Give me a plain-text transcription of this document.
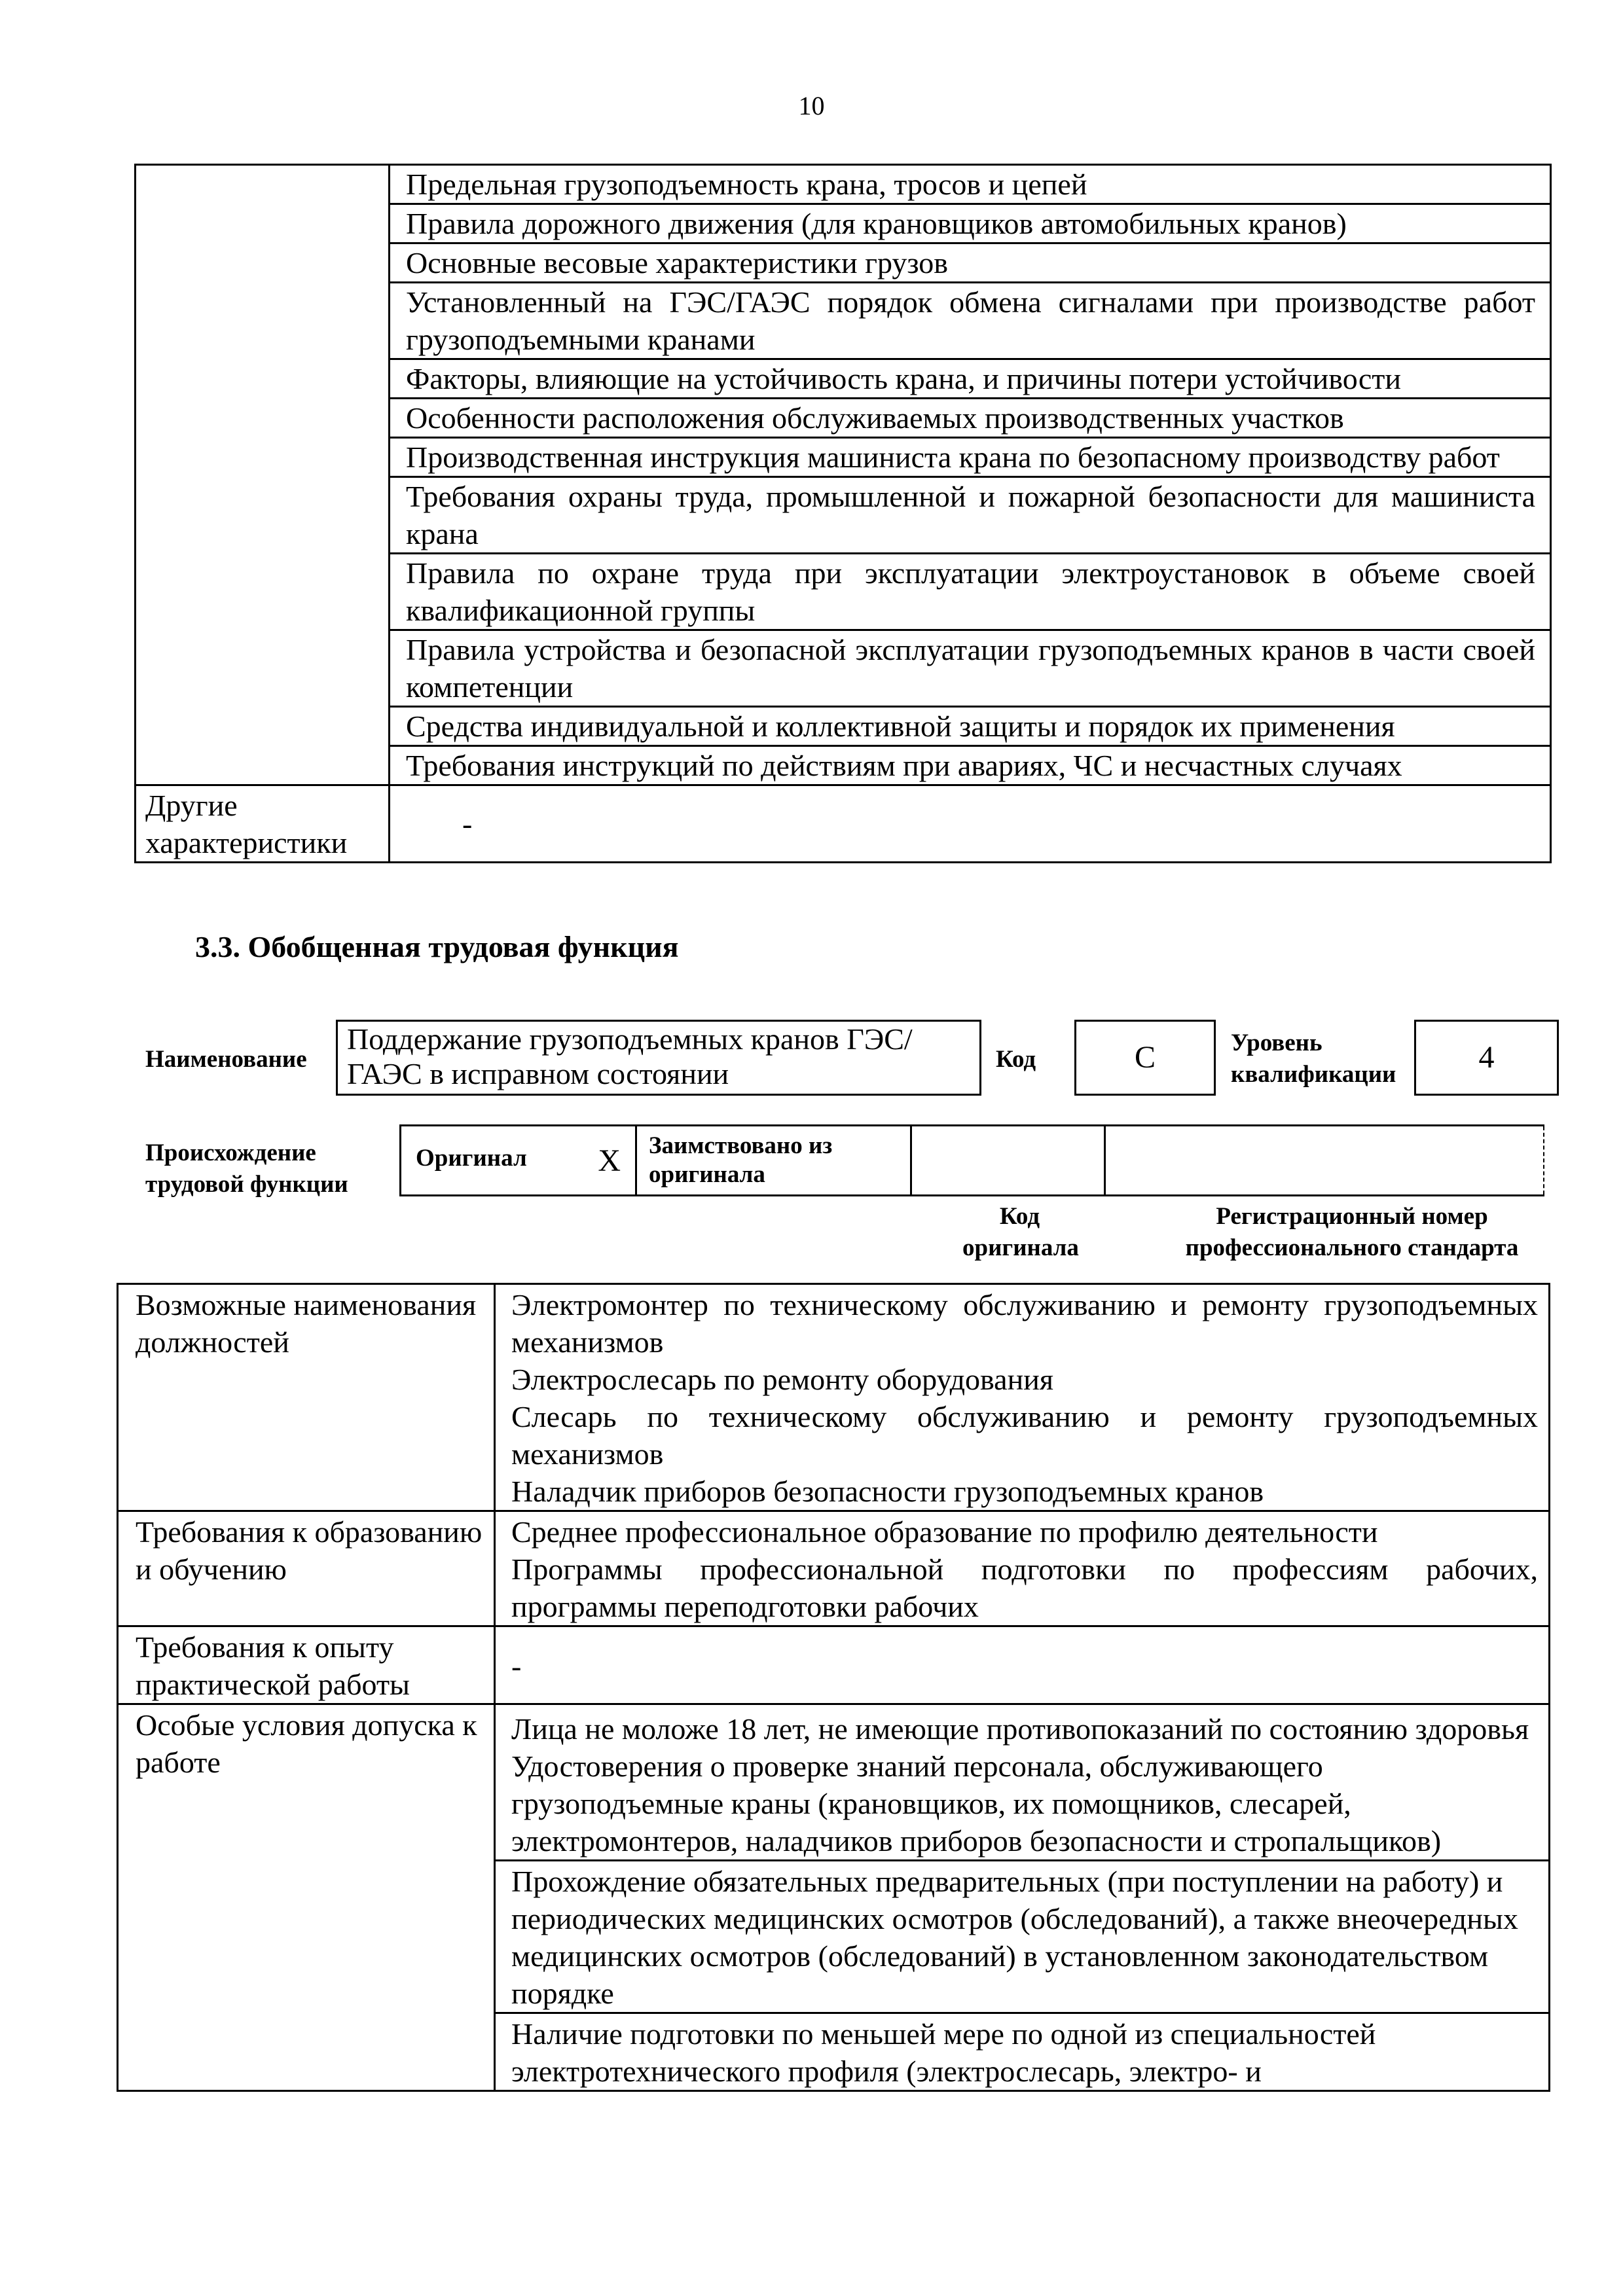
10
	Предельная грузоподъемность крана, тросов и цепей
	Правила дорожного движения (для крановщиков автомобильных кранов)
	Основные весовые характеристики грузов
	Установленный на ГЭС/ГАЭС порядок обмена сигналами при производстве работ грузоподъемными кранами
	Факторы, влияющие на устойчивость крана, и причины потери устойчивости
	Особенности расположения обслуживаемых производственных участков
	Производственная инструкция машиниста крана по безопасному производству работ
	Требования охраны труда, промышленной и пожарной безопасности для машиниста крана
	Правила по охране труда при эксплуатации электроустановок в объеме своей квалификационной группы
	Правила устройства и безопасной эксплуатации грузоподъемных кранов в части своей компетенции
	Средства индивидуальной и коллективной защиты и порядок их применения
	Требования инструкций по действиям при авариях, ЧС и несчастных случаях
Другие характеристики	-
3.3. Обобщенная трудовая функция
Наименование
Поддержание грузоподъемных кранов ГЭС/ГАЭС в исправном состоянии	Код	C	Уровень квалификации	4
Происхождение трудовой функции
Оригинал X	Заимствовано из оригинала

Код оригинала
Регистрационный номер профессионального стандарта
Возможные наименования должностей	Электромонтер по техническому обслуживанию и ремонту грузоподъемных механизмов
Электрослесарь по ремонту оборудования
Слесарь по техническому обслуживанию и ремонту грузоподъемных механизмов
Наладчик приборов безопасности грузоподъемных кранов

Требования к образованию и обучению	Среднее профессиональное образование по профилю деятельности
Программы профессиональной подготовки по профессиям рабочих, программы переподготовки рабочих

Требования к опыту практической работы	-
Особые условия допуска к работе	Лица не моложе 18 лет, не имеющие противопоказаний по состоянию здоровья
Удостоверения о проверке знаний персонала, обслуживающего грузоподъемные краны (крановщиков, их помощников, слесарей, электромонтеров, наладчиков приборов безопасности и стропальщиков)

	Прохождение обязательных предварительных (при поступлении на работу) и периодических медицинских осмотров (обследований), а также внеочередных медицинских осмотров (обследований) в установленном законодательством порядке
	Наличие подготовки по меньшей мере по одной из специальностей электротехнического профиля (электрослесарь, электро- и
